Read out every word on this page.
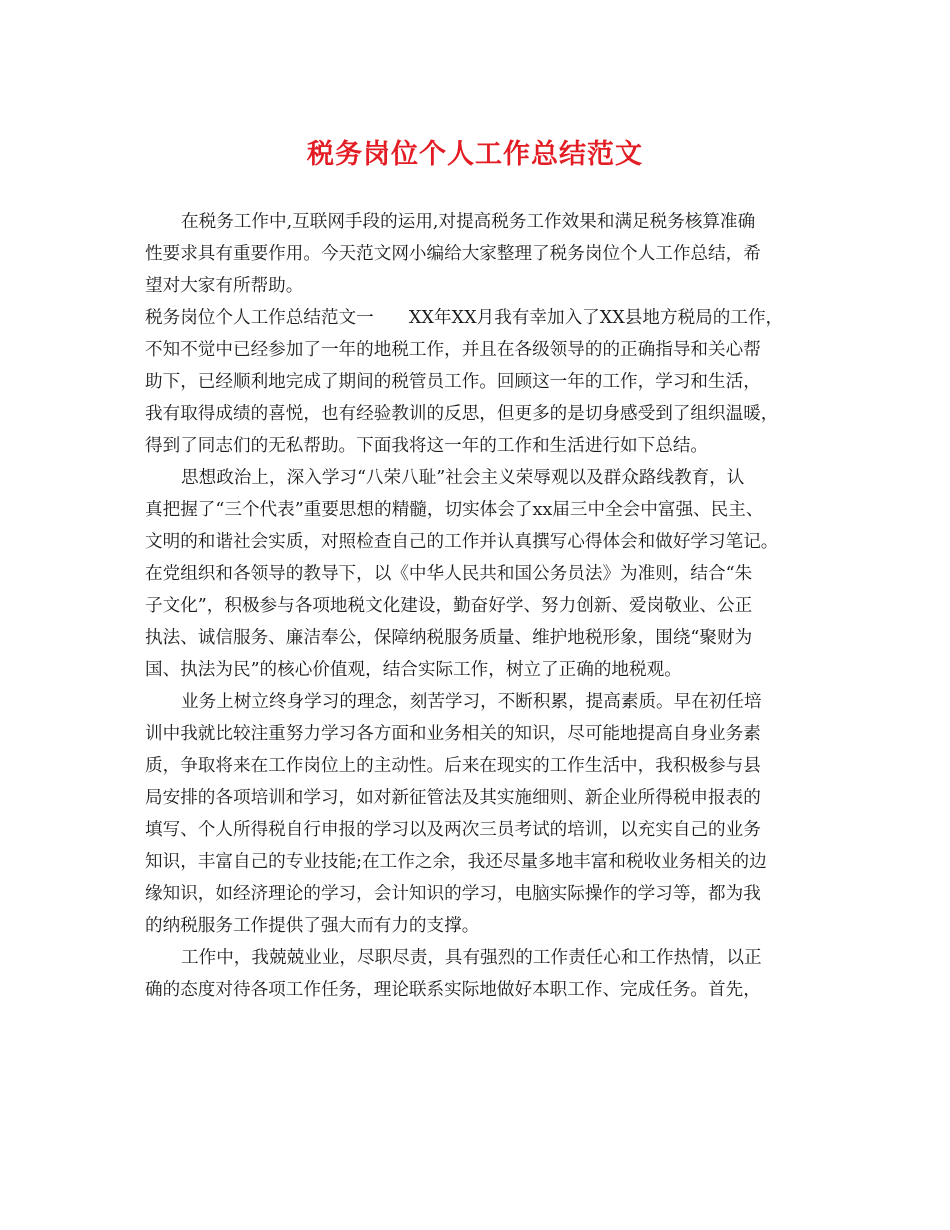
税务岗位个人工作总结范文
在税务工作中,互联网手段的运用,对提高税务工作效果和满足税务核算准确
性要求具有重要作用。今天范文网小编给大家整理了税务岗位个人工作总结，希
望对大家有所帮助。
税务岗位个人工作总结范文一　　XX年XX月我有幸加入了XX县地方税局的工作，
不知不觉中已经参加了一年的地税工作，并且在各级领导的的正确指导和关心帮
助下，已经顺利地完成了期间的税管员工作。回顾这一年的工作，学习和生活，
我有取得成绩的喜悦，也有经验教训的反思，但更多的是切身感受到了组织温暖，
得到了同志们的无私帮助。下面我将这一年的工作和生活进行如下总结。
思想政治上，深入学习“八荣八耻”社会主义荣辱观以及群众路线教育，认
真把握了“三个代表”重要思想的精髓，切实体会了xx届三中全会中富强、民主、
文明的和谐社会实质，对照检查自己的工作并认真撰写心得体会和做好学习笔记。
在党组织和各领导的教导下，以《中华人民共和国公务员法》为准则，结合“朱
子文化”，积极参与各项地税文化建设，勤奋好学、努力创新、爱岗敬业、公正
执法、诚信服务、廉洁奉公，保障纳税服务质量、维护地税形象，围绕“聚财为
国、执法为民”的核心价值观，结合实际工作，树立了正确的地税观。
业务上树立终身学习的理念，刻苦学习，不断积累，提高素质。早在初任培
训中我就比较注重努力学习各方面和业务相关的知识，尽可能地提高自身业务素
质，争取将来在工作岗位上的主动性。后来在现实的工作生活中，我积极参与县
局安排的各项培训和学习，如对新征管法及其实施细则、新企业所得税申报表的
填写、个人所得税自行申报的学习以及两次三员考试的培训，以充实自己的业务
知识，丰富自己的专业技能;在工作之余，我还尽量多地丰富和税收业务相关的边
缘知识，如经济理论的学习，会计知识的学习，电脑实际操作的学习等，都为我
的纳税服务工作提供了强大而有力的支撑。
工作中，我兢兢业业，尽职尽责，具有强烈的工作责任心和工作热情，以正
确的态度对待各项工作任务，理论联系实际地做好本职工作、完成任务。首先，
